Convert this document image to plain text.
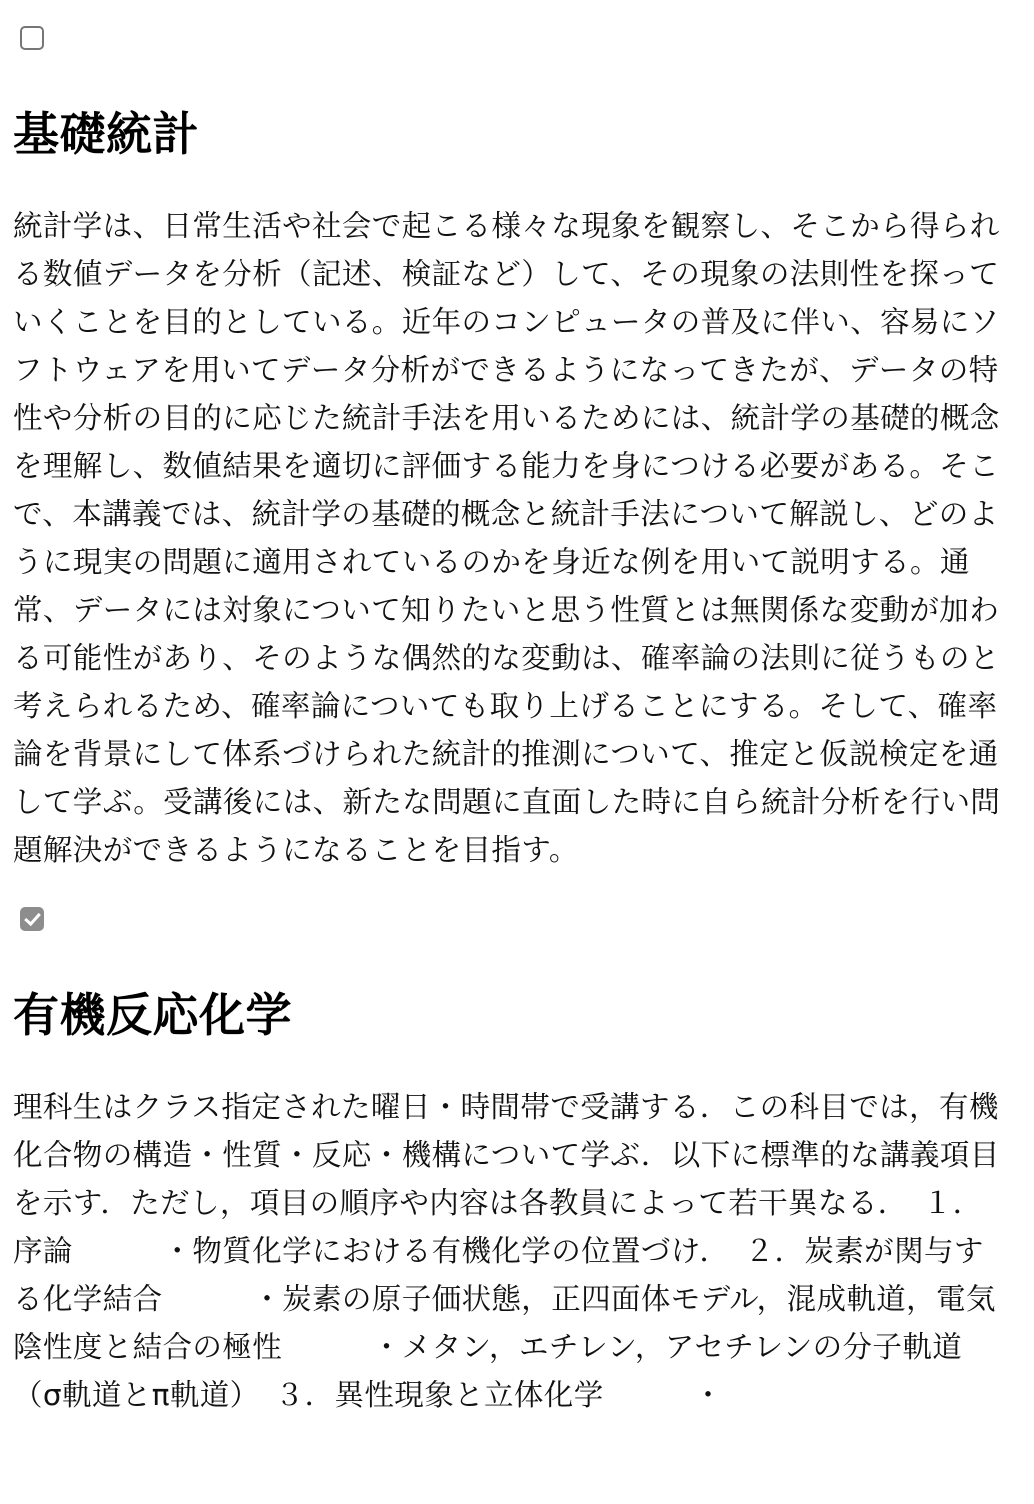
基礎統計

統計学は、日常生活や社会で起こる様々な現象を観察し、そこから得られる数値データを分析（記述、検証など）して、その現象の法則性を探っていくことを目的としている。近年のコンピュータの普及に伴い、容易にソフトウェアを用いてデータ分析ができるようになってきたが、データの特性や分析の目的に応じた統計手法を用いるためには、統計学の基礎的概念を理解し、数値結果を適切に評価する能力を身につける必要がある。そこで、本講義では、統計学の基礎的概念と統計手法について解説し、どのように現実の問題に適用されているのかを身近な例を用いて説明する。通常、データには対象について知りたいと思う性質とは無関係な変動が加わる可能性があり、そのような偶然的な変動は、確率論の法則に従うものと考えられるため、確率論についても取り上げることにする。そして、確率論を背景にして体系づけられた統計的推測について、推定と仮説検定を通して学ぶ。受講後には、新たな問題に直面した時に自ら統計分析を行い問題解決ができるようになることを目指す。

有機反応化学

理科生はクラス指定された曜日・時間帯で受講する．この科目では，有機化合物の構造・性質・反応・機構について学ぶ．以下に標準的な講義項目を示す．ただし，項目の順序や内容は各教員によって若干異なる．　１．序論　　　・物質化学における有機化学の位置づけ．　２．炭素が関与する化学結合　　　・炭素の原子価状態，正四面体モデル，混成軌道，電気陰性度と結合の極性　　　・メタン，エチレン，アセチレンの分子軌道（σ軌道とπ軌道）　３．異性現象と立体化学　　　・
